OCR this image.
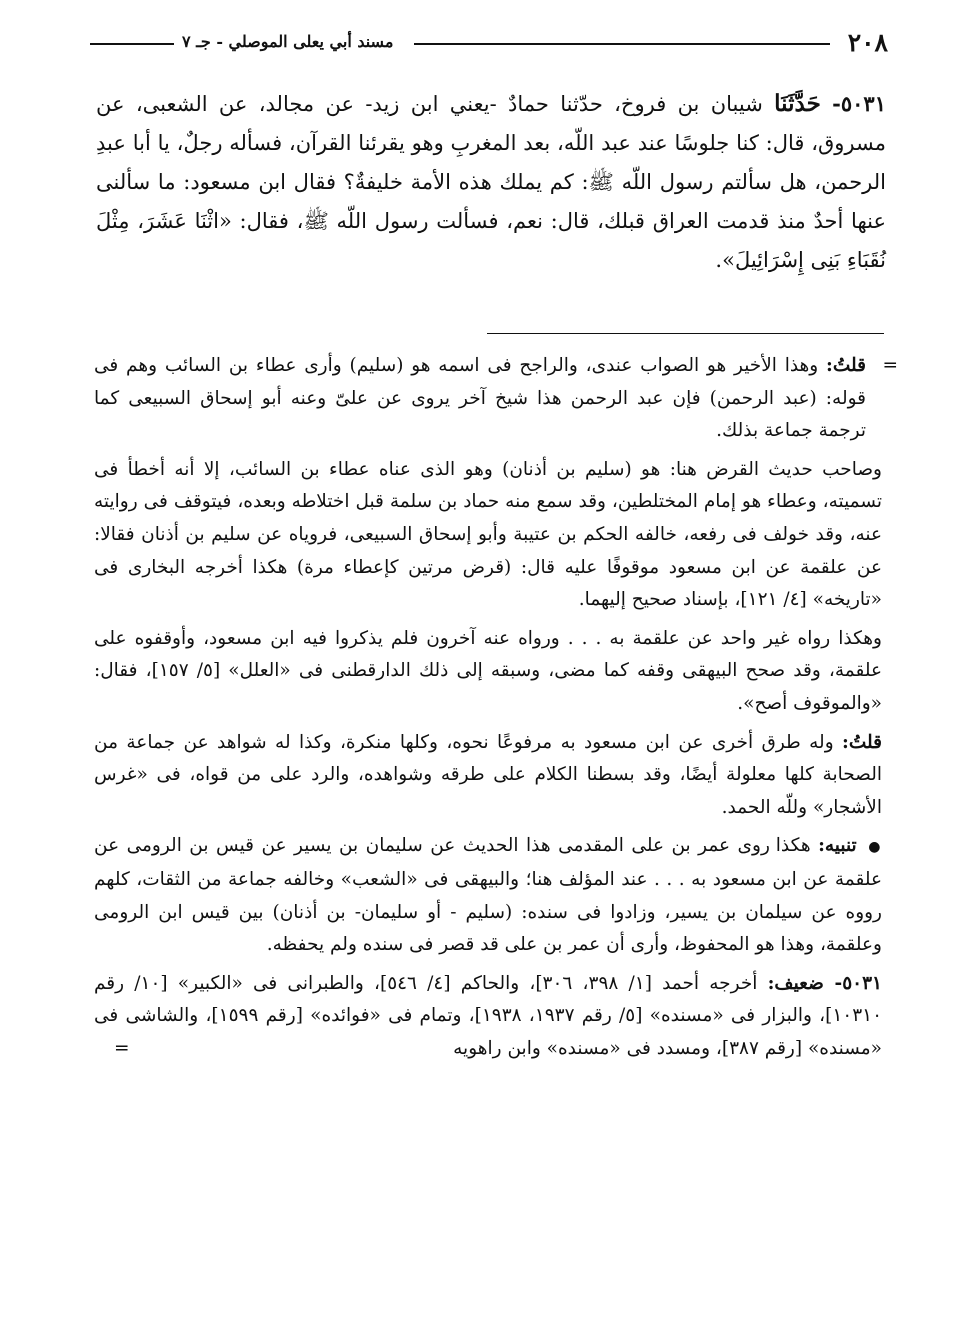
٢٠٨
مسند أبي يعلى الموصلي - جـ ٧
٥٠٣١- حَدَّثَنَا شيبان بن فروخ، حدّثنا حمادٌ -يعني ابن زيد- عن مجالد، عن الشعبى، عن مسروق، قال: كنا جلوسًا عند عبد اللّه، بعد المغربِ وهو يقرئنا القرآن، فسأله رجلٌ، يا أبا عبدِ الرحمن، هل سألتم رسول اللّه ﷺ: كم يملك هذه الأمة خليفةٌ؟ فقال ابن مسعود: ما سألنى عنها أحدٌ منذ قدمت العراق قبلك، قال: نعم، فسألت رسول اللّه ﷺ، فقال: «اثْنَا عَشَرَ، مِثْلَ نُقَبَاءِ بَنِى إِسْرَائِيلَ».

=
قلتُ: وهذا الأخير هو الصواب عندى، والراجح فى اسمه هو (سليم) وأرى عطاء بن السائب وهم فى قوله: (عبد الرحمن) فإن عبد الرحمن هذا شيخ آخر يروى عن علىّ وعنه أبو إسحاق السبيعى كما ترجمة جماعة بذلك.

وصاحب حديث القرض هنا: هو (سليم بن أذنان) وهو الذى عناه عطاء بن السائب، إلا أنه أخطأ فى تسميته، وعطاء هو إمام المختلطين، وقد سمع منه حماد بن سلمة قبل اختلاطه وبعده، فيتوقف فى روايته عنه، وقد خولف فى رفعه، خالفه الحكم بن عتيبة وأبو إسحاق السبيعى، فروياه عن سليم بن أذنان فقالا: عن علقمة عن ابن مسعود موقوفًا عليه قال: (قرض مرتين كإعطاء مرة) هكذا أخرجه البخارى فى «تاريخه» [٤/ ١٢١]، بإسناد صحيح إليهما.

وهكذا رواه غير واحد عن علقمة به . . . ورواه عنه آخرون فلم يذكروا فيه ابن مسعود، وأوقفوه على علقمة، وقد صحح البيهقى وقفه كما مضى، وسبقه إلى ذلك الدارقطنى فى «العلل» [٥/ ١٥٧]، فقال: «والموقوف أصح».

قلتُ: وله طرق أخرى عن ابن مسعود به مرفوعًا نحوه، وكلها منكرة، وكذا له شواهد عن جماعة من الصحابة كلها معلولة أيضًا، وقد بسطنا الكلام على طرقه وشواهده، والرد على من قواه، فى «غرس الأشجار» وللّه الحمد.

● تنبيه: هكذا روى عمر بن على المقدمى هذا الحديث عن سليمان بن يسير عن قيس بن الرومى عن علقمة عن ابن مسعود به . . . عند المؤلف هنا؛ والبيهقى فى «الشعب» وخالفه جماعة من الثقات، كلهم رووه عن سيلمان بن يسير، وزادوا فى سنده: (سليم - أو سليمان- بن أذنان) بين قيس ابن الرومى وعلقمة، وهذا هو المحفوظ، وأرى أن عمر بن على قد قصر فى سنده ولم يحفظه.

٥٠٣١- ضعيف: أخرجه أحمد [١/ ٣٩٨، ٣٠٦]، والحاكم [٤/ ٥٤٦]، والطبرانى فى «الكبير» [١٠/ رقم ١٠٣١٠]، والبزار فى «مسنده» [٥/ رقم ١٩٣٧، ١٩٣٨]، وتمام فى «فوائده» [رقم ١٥٩٩]، والشاشى فى «مسنده» [رقم ٣٨٧]، ومسدد فى «مسنده» وابن راهويه
=
